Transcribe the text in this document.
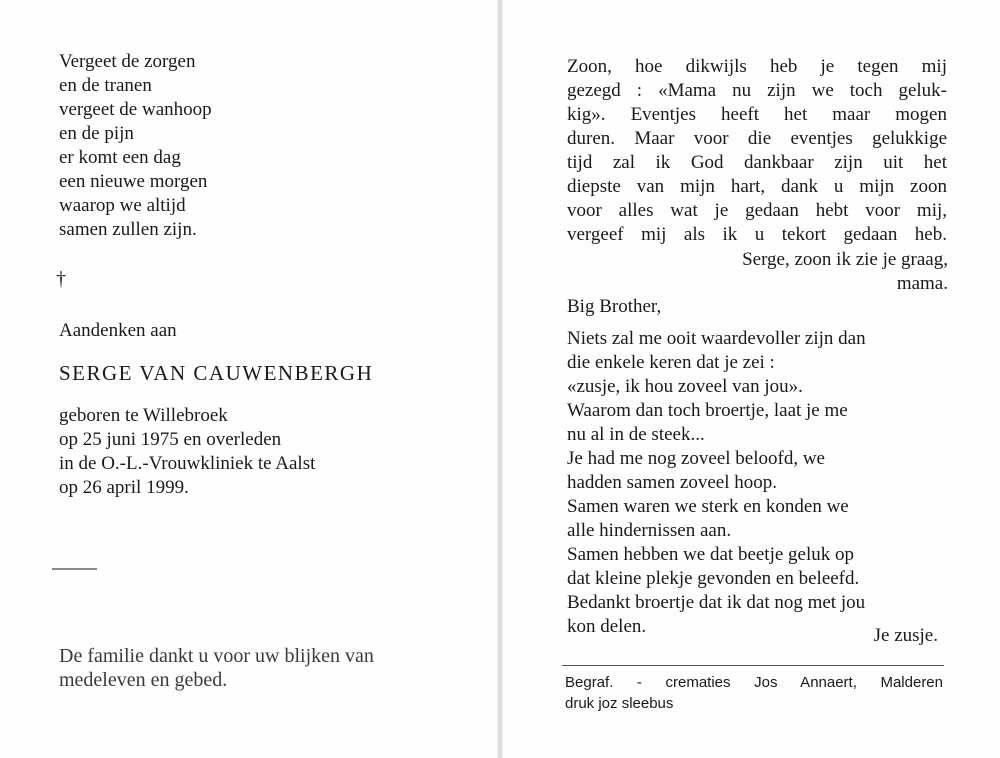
Vergeet de zorgen
en de tranen
vergeet de wanhoop
en de pijn
er komt een dag
een nieuwe morgen
waarop we altijd
samen zullen zijn.
†
Aandenken aan
SERGE VAN CAUWENBERGH
geboren te Willebroek
op 25 juni 1975 en overleden
in de O.-L.-Vrouwkliniek te Aalst
op 26 april 1999.
De familie dankt u voor uw blijken van
medeleven en gebed.
Zoon, hoe dikwijls heb je tegen mij
gezegd : «Mama nu zijn we toch geluk-
kig». Eventjes heeft het maar mogen
duren. Maar voor die eventjes gelukkige
tijd zal ik God dankbaar zijn uit het
diepste van mijn hart, dank u mijn zoon
voor alles wat je gedaan hebt voor mij,
vergeef mij als ik u tekort gedaan heb.
Serge, zoon ik zie je graag,
mama.
Big Brother,
Niets zal me ooit waardevoller zijn dan
die enkele keren dat je zei :
«zusje, ik hou zoveel van jou».
Waarom dan toch broertje, laat je me
nu al in de steek...
Je had me nog zoveel beloofd, we
hadden samen zoveel hoop.
Samen waren we sterk en konden we
alle hindernissen aan.
Samen hebben we dat beetje geluk op
dat kleine plekje gevonden en beleefd.
Bedankt broertje dat ik dat nog met jou
kon delen.	Je zusje.
Begraf. - crematies Jos Annaert, Malderen
druk joz sleebus
